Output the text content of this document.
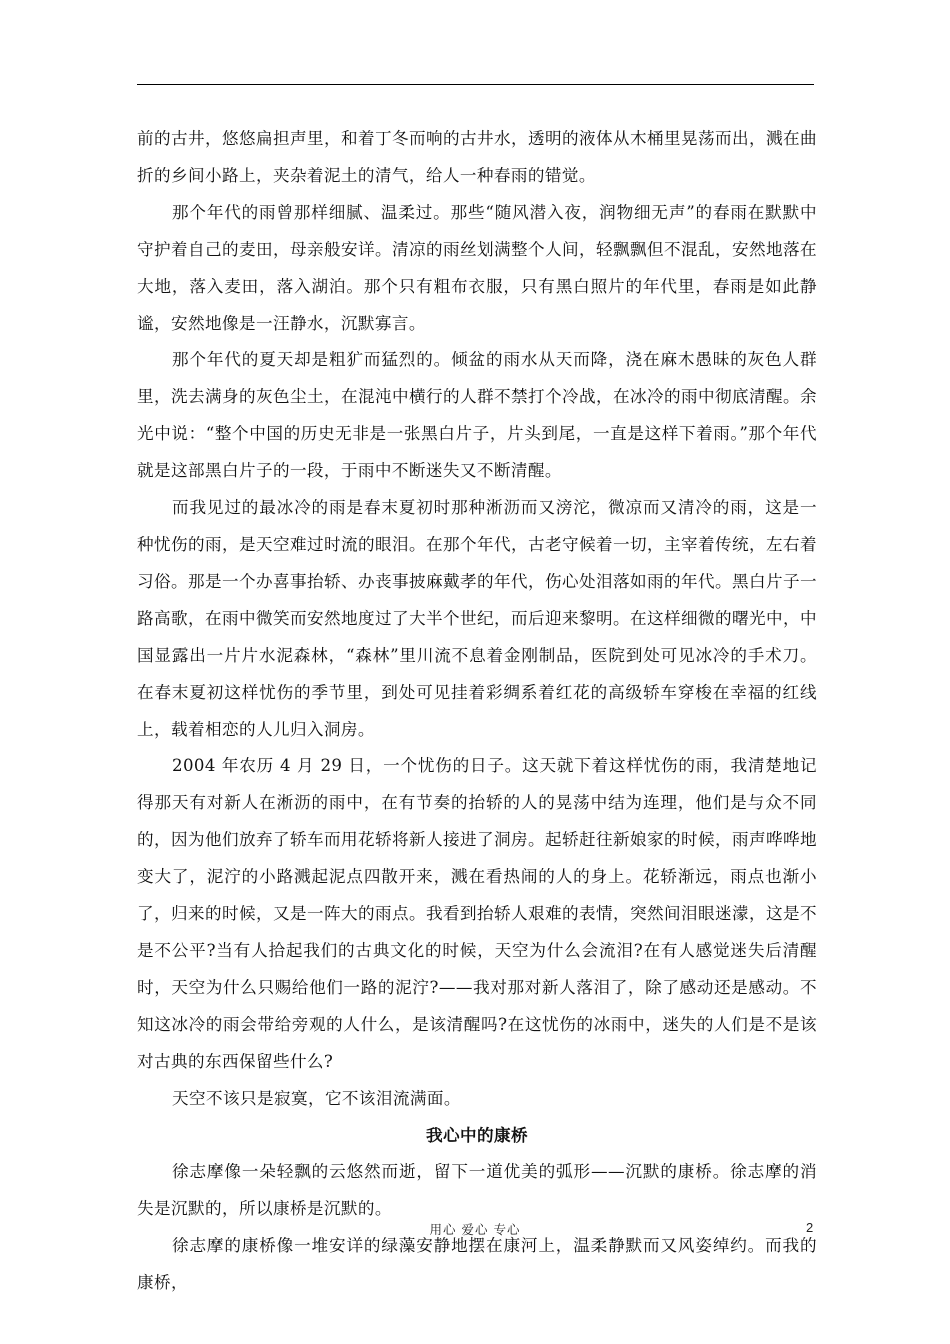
前的古井，悠悠扁担声里，和着丁冬而响的古井水，透明的液体从木桶里晃荡而出，溅在曲折的乡间小路上，夹杂着泥土的清气，给人一种春雨的错觉。

那个年代的雨曾那样细腻、温柔过。那些“随风潜入夜，润物细无声”的春雨在默默中守护着自己的麦田，母亲般安详。清凉的雨丝划满整个人间，轻飘飘但不混乱，安然地落在大地，落入麦田，落入湖泊。那个只有粗布衣服，只有黑白照片的年代里，春雨是如此静谧，安然地像是一汪静水，沉默寡言。

那个年代的夏天却是粗犷而猛烈的。倾盆的雨水从天而降，浇在麻木愚昧的灰色人群里，洗去满身的灰色尘土，在混沌中横行的人群不禁打个冷战，在冰冷的雨中彻底清醒。余光中说：“整个中国的历史无非是一张黑白片子，片头到尾，一直是这样下着雨。”那个年代就是这部黑白片子的一段，于雨中不断迷失又不断清醒。

而我见过的最冰冷的雨是春末夏初时那种淅沥而又滂沱，微凉而又清冷的雨，这是一种忧伤的雨，是天空难过时流的眼泪。在那个年代，古老守候着一切，主宰着传统，左右着习俗。那是一个办喜事抬轿、办丧事披麻戴孝的年代，伤心处泪落如雨的年代。黑白片子一路高歌，在雨中微笑而安然地度过了大半个世纪，而后迎来黎明。在这样细微的曙光中，中国显露出一片片水泥森林，“森林”里川流不息着金刚制品，医院到处可见冰冷的手术刀。在春末夏初这样忧伤的季节里，到处可见挂着彩绸系着红花的高级轿车穿梭在幸福的红线上，载着相恋的人儿归入洞房。

2004 年农历 4 月 29 日，一个忧伤的日子。这天就下着这样忧伤的雨，我清楚地记得那天有对新人在淅沥的雨中，在有节奏的抬轿的人的晃荡中结为连理，他们是与众不同的，因为他们放弃了轿车而用花轿将新人接进了洞房。起轿赶往新娘家的时候，雨声哗哗地变大了，泥泞的小路溅起泥点四散开来，溅在看热闹的人的身上。花轿渐远，雨点也渐小了，归来的时候，又是一阵大的雨点。我看到抬轿人艰难的表情，突然间泪眼迷濛，这是不是不公平?当有人拾起我们的古典文化的时候，天空为什么会流泪?在有人感觉迷失后清醒时，天空为什么只赐给他们一路的泥泞?——我对那对新人落泪了，除了感动还是感动。不知这冰冷的雨会带给旁观的人什么，是该清醒吗?在这忧伤的冰雨中，迷失的人们是不是该对古典的东西保留些什么?

天空不该只是寂寞，它不该泪流满面。

我心中的康桥

徐志摩像一朵轻飘的云悠然而逝，留下一道优美的弧形——沉默的康桥。徐志摩的消失是沉默的，所以康桥是沉默的。

徐志摩的康桥像一堆安详的绿藻安静地摆在康河上，温柔静默而又风姿绰约。而我的康桥，

用心 爱心 专心	2
